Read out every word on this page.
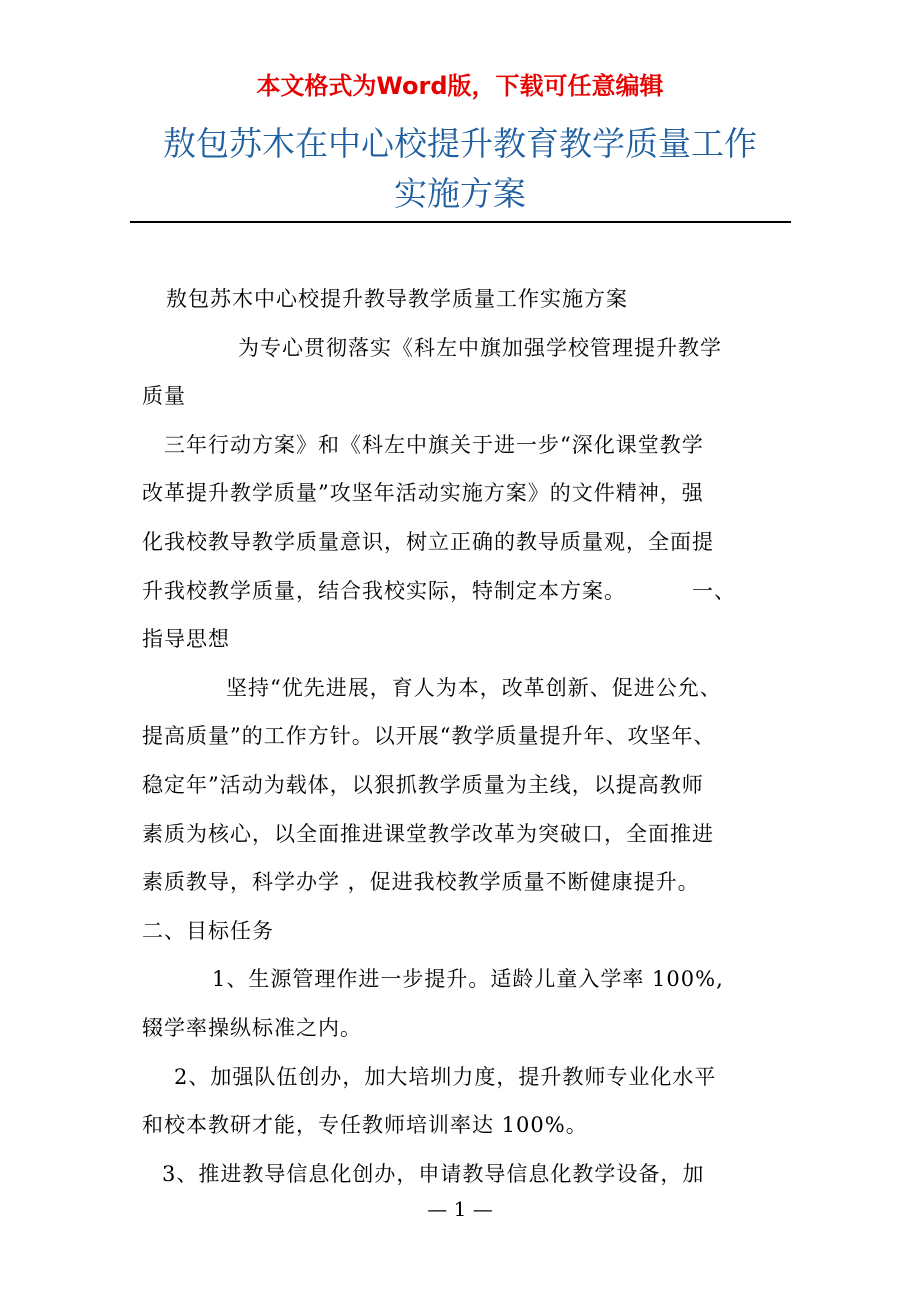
本文格式为Word版，下载可任意编辑

敖包苏木在中心校提升教育教学质量工作
实施方案

敖包苏木中心校提升教导教学质量工作实施方案

为专心贯彻落实《科左中旗加强学校管理提升教学

质量

三年行动方案》和《科左中旗关于进一步“深化课堂教学

改革提升教学质量”攻坚年活动实施方案》的文件精神，强

化我校教导教学质量意识，树立正确的教导质量观，全面提

升我校教学质量，结合我校实际，特制定本方案。	一、

指导思想

坚持“优先进展，育人为本，改革创新、促进公允、

提高质量”的工作方针。以开展“教学质量提升年、攻坚年、

稳定年”活动为载体，以狠抓教学质量为主线，以提高教师

素质为核心，以全面推进课堂教学改革为突破口，全面推进

素质教导，科学办学 ，促进我校教学质量不断健康提升。

二、目标任务

1、生源管理作进一步提升。适龄儿童入学率 100%,

辍学率操纵标准之内。

2、加强队伍创办，加大培圳力度，提升教师专业化水平

和校本教研才能，专任教师培训率达 100%。

3、推进教导信息化创办，申请教导信息化教学设备，加

— 1 —
